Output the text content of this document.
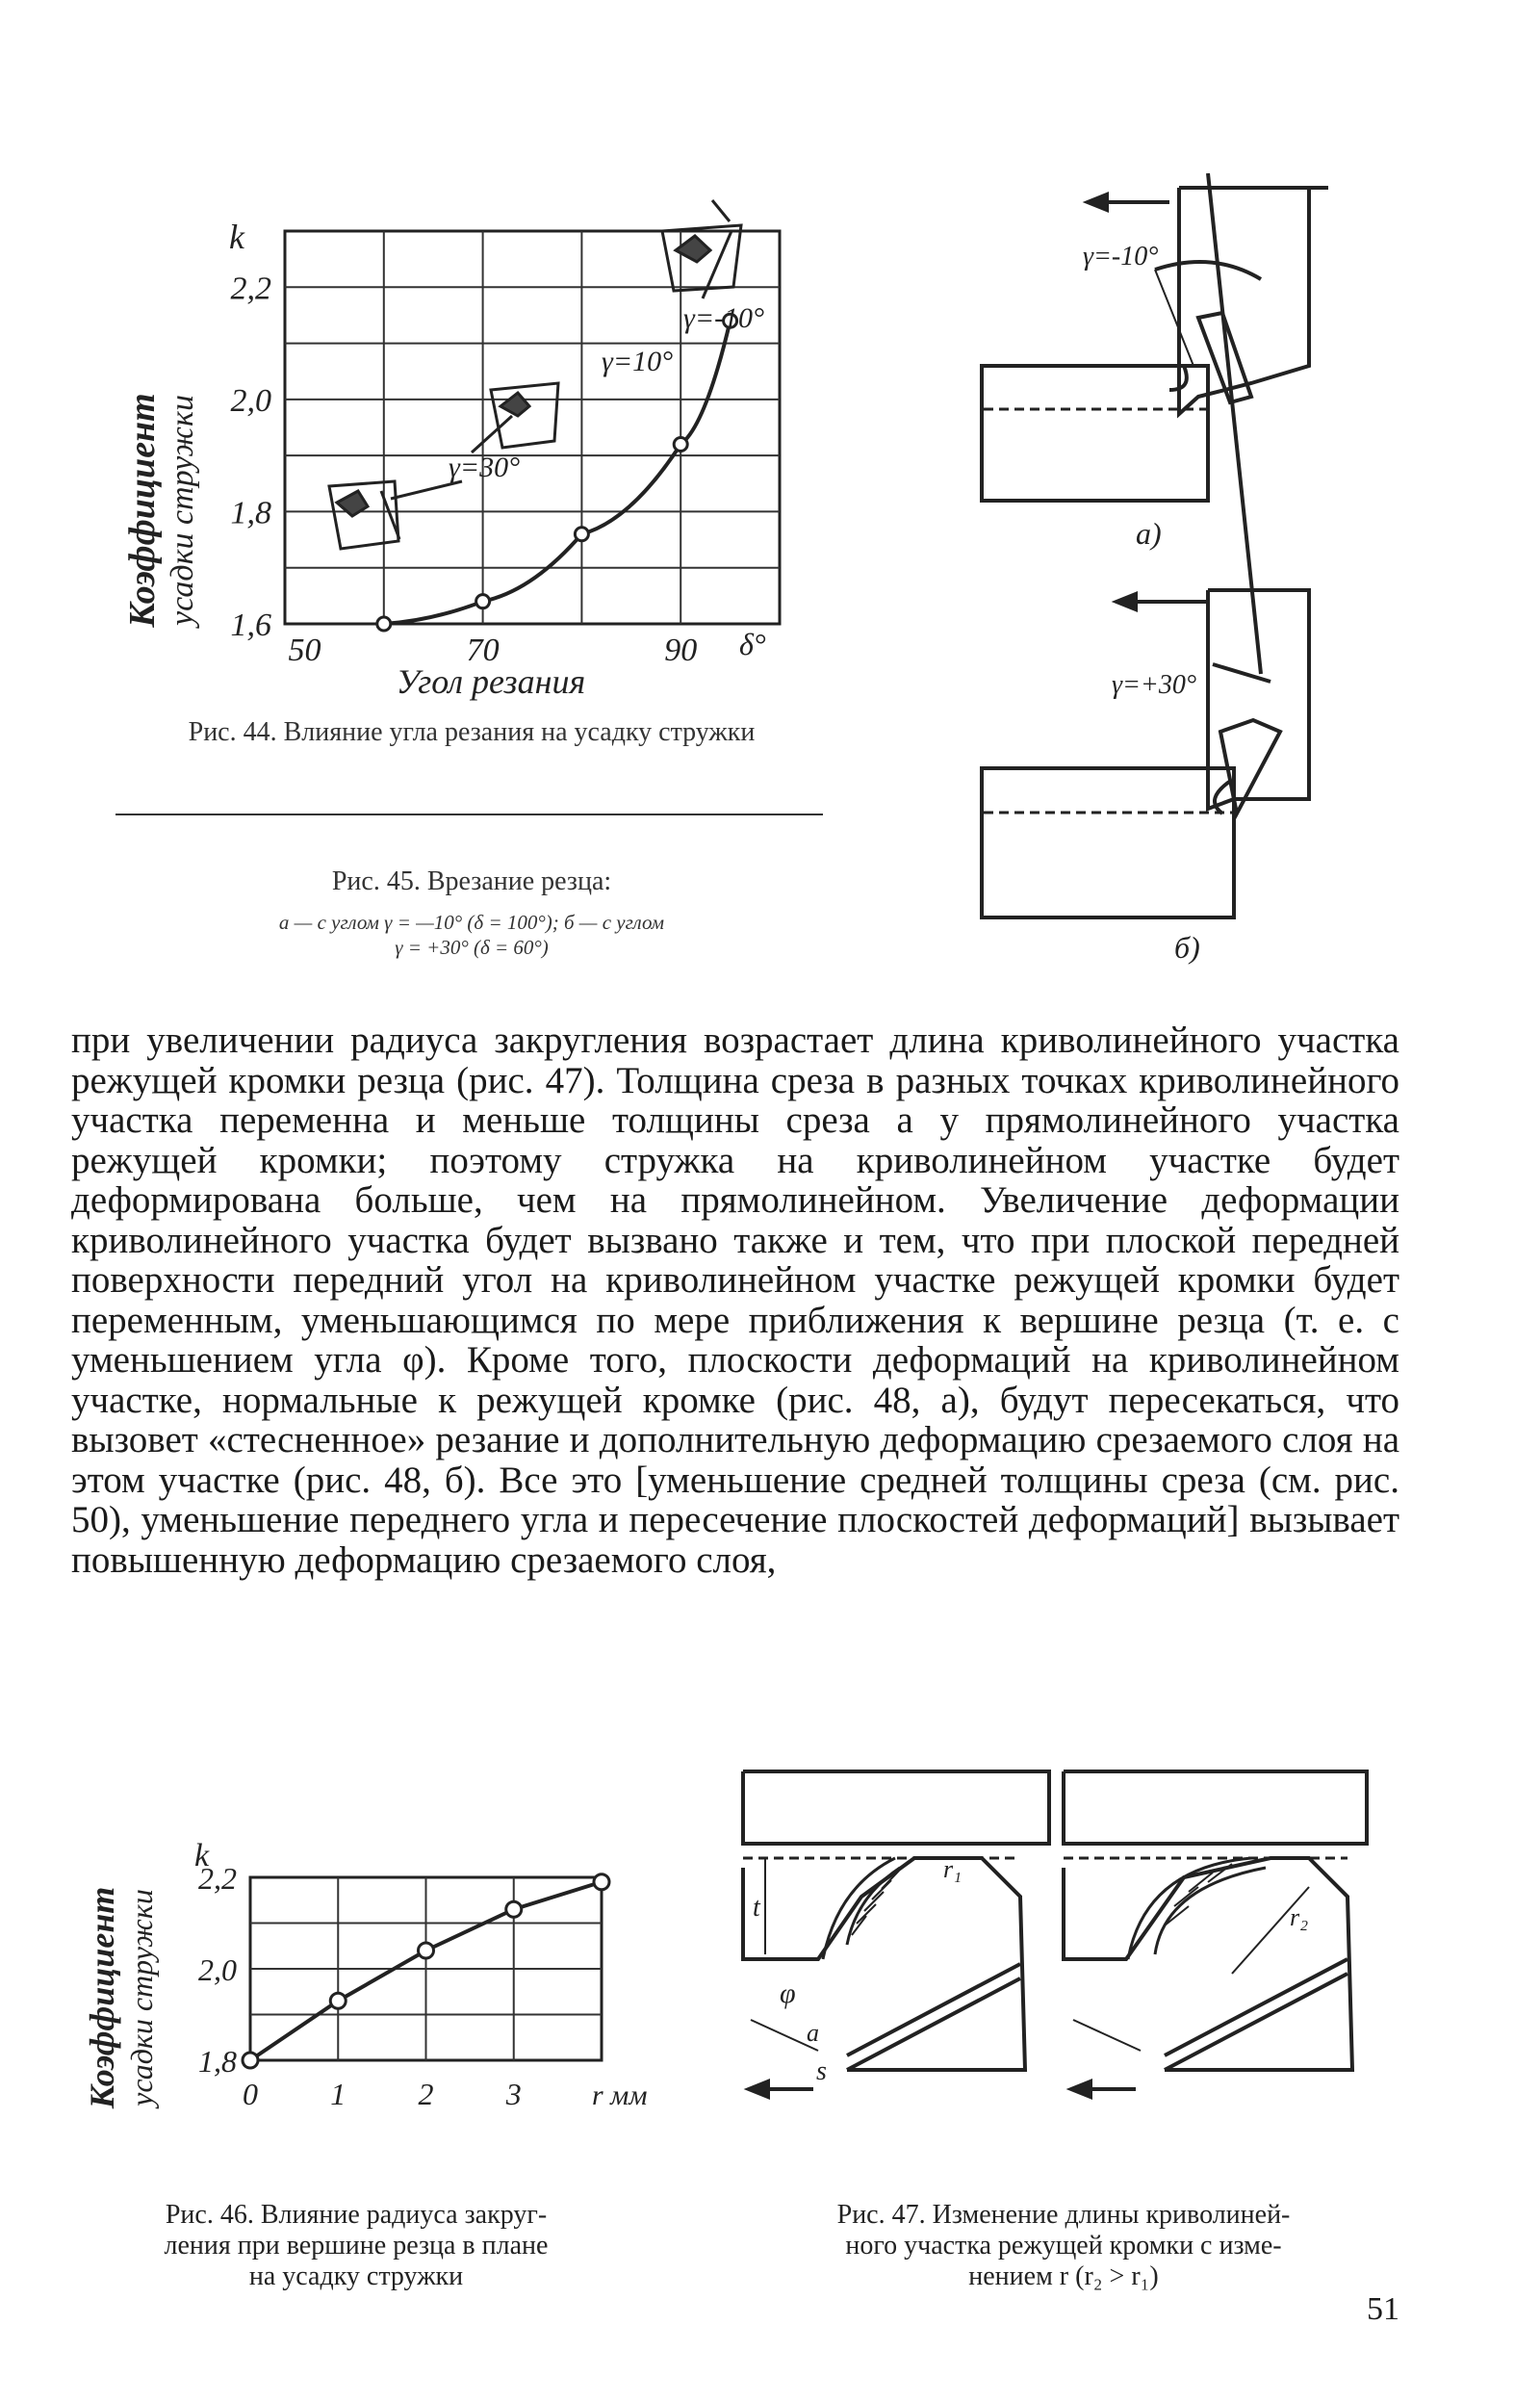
Коэффициент усадки стружки
k
50	70	90
1,6
1,8
2,0
2,2
γ=-10°
γ=10°
γ=30°
δ°
Угол резания
Рис. 44. Влияние угла резания на усадку стружки
Рис. 45. Врезание резца:
а — с углом γ = —10° (δ = 100°); б — с углом
γ = +30° (δ = 60°)
γ=-10°
а)
γ=+30°
б)

при увеличении радиуса закругления возрастает длина криволинейного участка режущей кромки резца (рис. 47). Толщина среза в разных точках криволинейного участка переменна и меньше толщины среза a у прямолинейного участка режущей кромки; поэтому стружка на криволинейном участке будет деформирована больше, чем на прямолинейном. Увеличение деформации криволинейного участка будет вызвано также и тем, что при плоской передней поверхности передний угол на криволинейном участке режущей кромки будет переменным, уменьшающимся по мере приближения к вершине резца (т. е. с уменьшением угла φ). Кроме того, плоскости деформаций на криволинейном участке, нормальные к режущей кромке (рис. 48, а), будут пересекаться, что вызовет «стесненное» резание и дополнительную деформацию срезаемого слоя на этом участке (рис. 48, б). Все это [уменьшение средней толщины среза (см. рис. 50), уменьшение переднего угла и пересечение плоскостей деформаций] вызывает повышенную деформацию срезаемого слоя,

Коэффициент усадки стружки
k
0 1 2 3
1,8
2,0
2,2
r мм
Рис. 46. Влияние радиуса закруг-
ления при вершине резца в плане
на усадку стружки
t
φ
a
s
r₁
r₂
Рис. 47. Изменение длины криволиней-
ного участка режущей кромки с изме-
нением r (r₂ > r₁)
51
